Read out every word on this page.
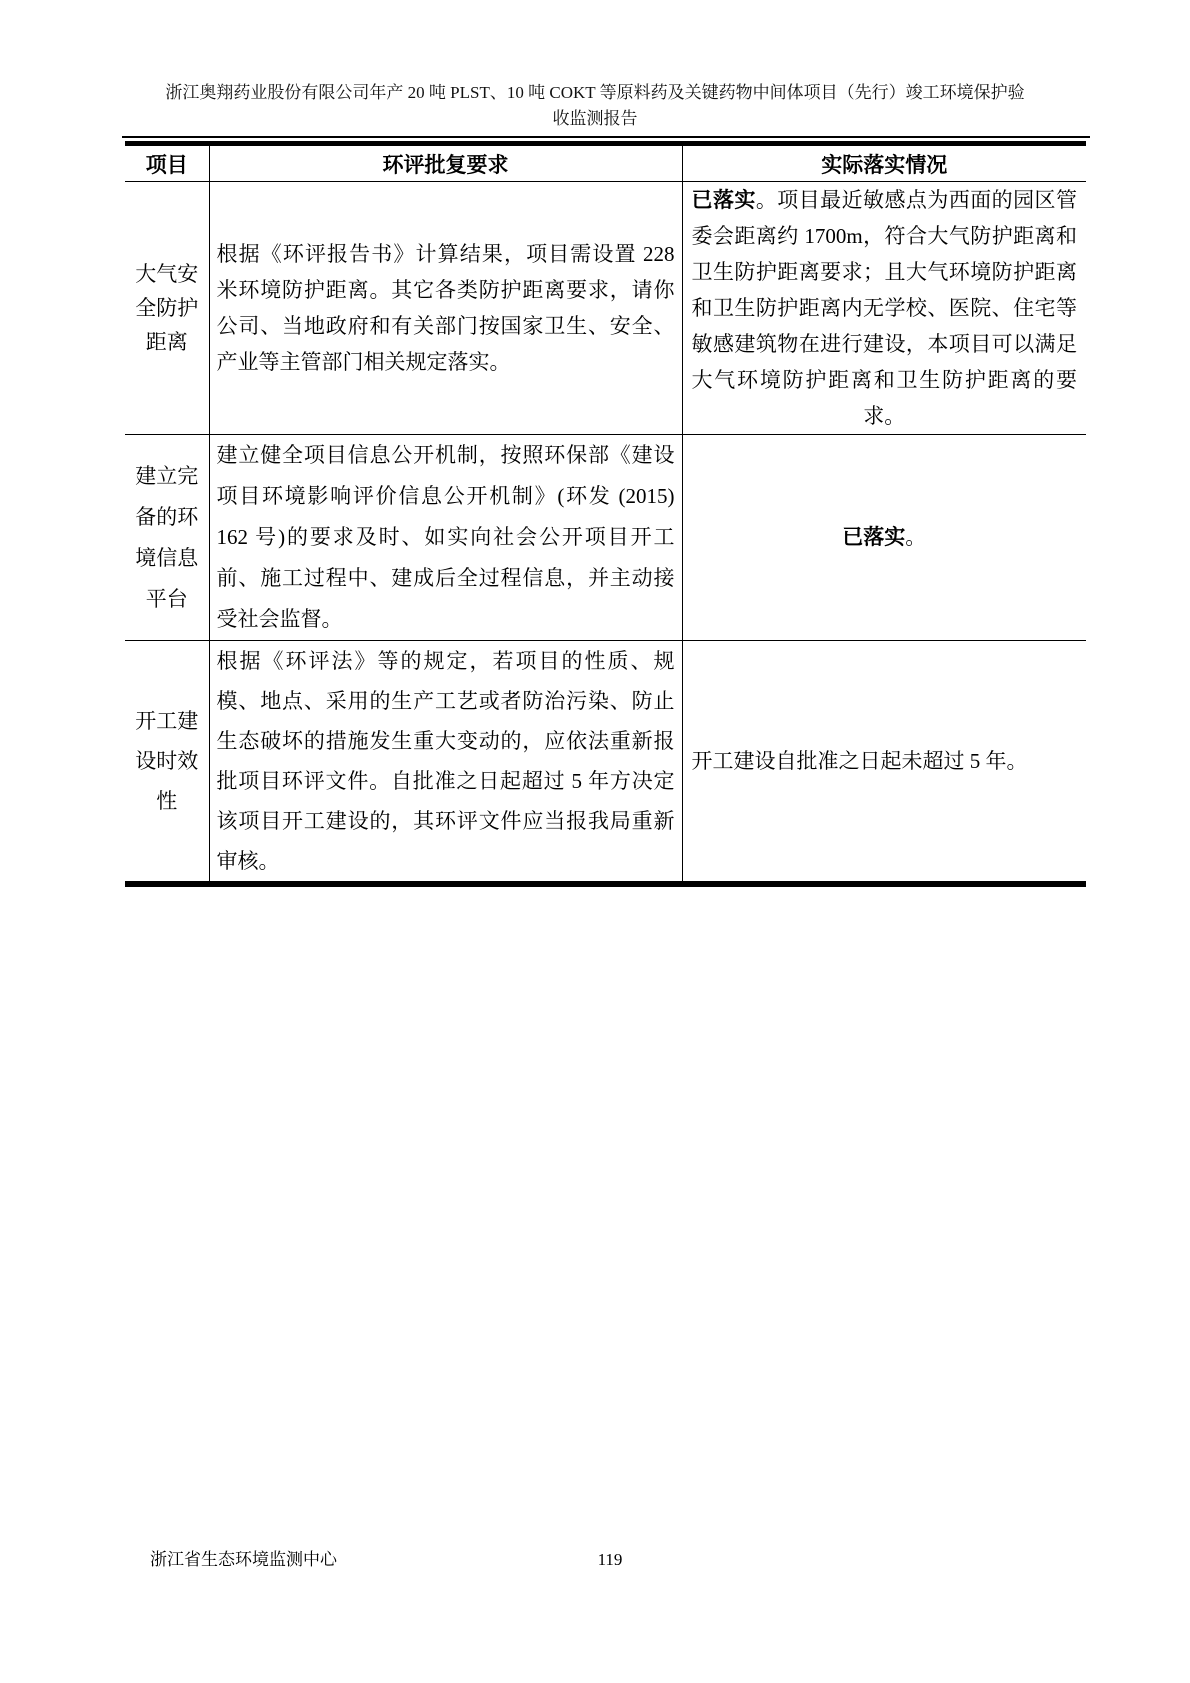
浙江奥翔药业股份有限公司年产 20 吨 PLST、10 吨 COKT 等原料药及关键药物中间体项目（先行）竣工环境保护验
收监测报告
项目	环评批复要求	实际落实情况
大气安全防护距离	根据《环评报告书》计算结果，项目需设置 228 米环境防护距离。其它各类防护距离要求，请你公司、当地政府和有关部门按国家卫生、安全、产业等主管部门相关规定落实。	已落实。项目最近敏感点为西面的园区管委会距离约 1700m，符合大气防护距离和卫生防护距离要求；且大气环境防护距离和卫生防护距离内无学校、医院、住宅等敏感建筑物在进行建设，本项目可以满足大气环境防护距离和卫生防护距离的要求。
建立完备的环境信息平台	建立健全项目信息公开机制，按照环保部《建设项目环境影响评价信息公开机制》(环发 (2015) 162 号)的要求及时、如实向社会公开项目开工前、施工过程中、建成后全过程信息，并主动接受社会监督。	已落实。
开工建设时效性	根据《环评法》等的规定，若项目的性质、规模、地点、采用的生产工艺或者防治污染、防止生态破坏的措施发生重大变动的，应依法重新报批项目环评文件。自批准之日起超过 5 年方决定该项目开工建设的，其环评文件应当报我局重新审核。	开工建设自批准之日起未超过 5 年。
浙江省生态环境监测中心	119
